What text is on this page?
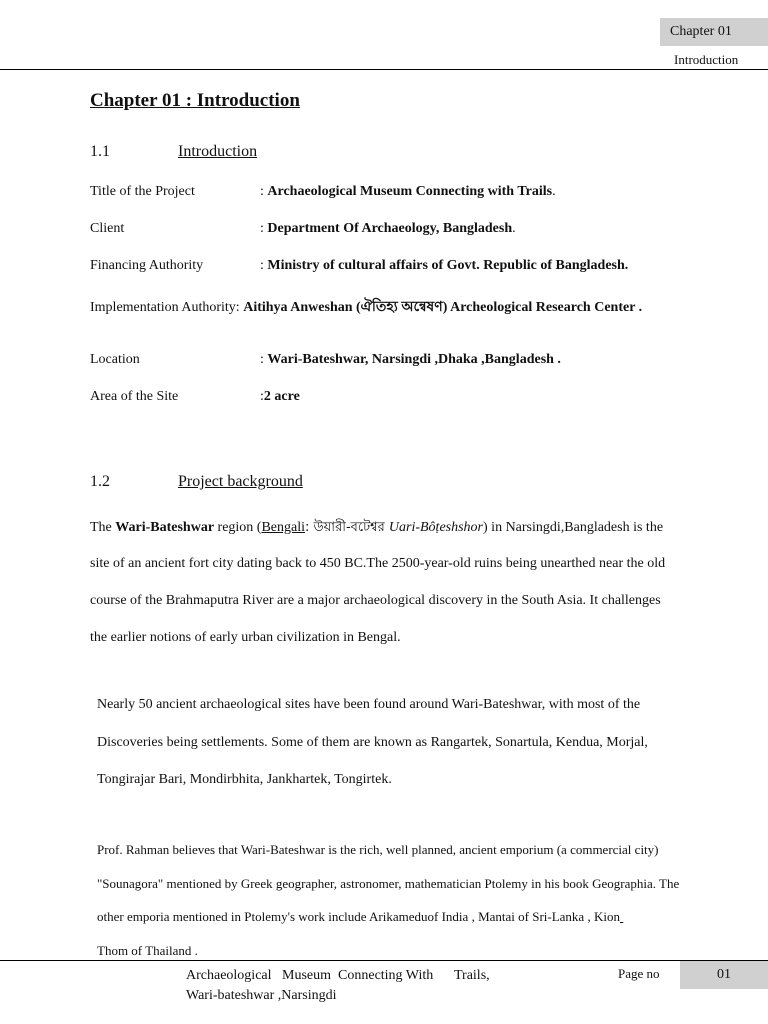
Chapter 01
Introduction
Chapter 01 : Introduction
1.1	Introduction
Title of the Project	: Archaeological Museum Connecting with Trails.
Client	: Department Of Archaeology, Bangladesh.
Financing Authority	: Ministry of cultural affairs of Govt. Republic of Bangladesh.
Implementation Authority: Aitihya Anweshan (ঐতিহ্য অন্বেষণ) Archeological Research Center .
Location	: Wari-Bateshwar, Narsingdi ,Dhaka ,Bangladesh .
Area of the Site	:2 acre
1.2	Project background
The Wari-Bateshwar region (Bengali: উয়ারী-বটেশ্বর Uari-Bôṭeshshor) in Narsingdi,Bangladesh is the
site of an ancient fort city dating back to 450 BC.The 2500-year-old ruins being unearthed near the old
course of the Brahmaputra River are a major archaeological discovery in the South Asia. It challenges
the earlier notions of early urban civilization in Bengal.
Nearly 50 ancient archaeological sites have been found around Wari-Bateshwar, with most of the
Discoveries being settlements. Some of them are known as Rangartek, Sonartula, Kendua, Morjal,
Tongirajar Bari, Mondirbhita, Jankhartek, Tongirtek.
Prof. Rahman believes that Wari-Bateshwar is the rich, well planned, ancient emporium (a commercial city)
"Sounagora" mentioned by Greek geographer, astronomer, mathematician Ptolemy in his book Geographia. The
other emporia mentioned in Ptolemy's work include Arikameduof India , Mantai of Sri-Lanka , Kion
Thom of Thailand .
Archaeological   Museum  Connecting With      Trails,
Wari-bateshwar ,Narsingdi
Page no	01
